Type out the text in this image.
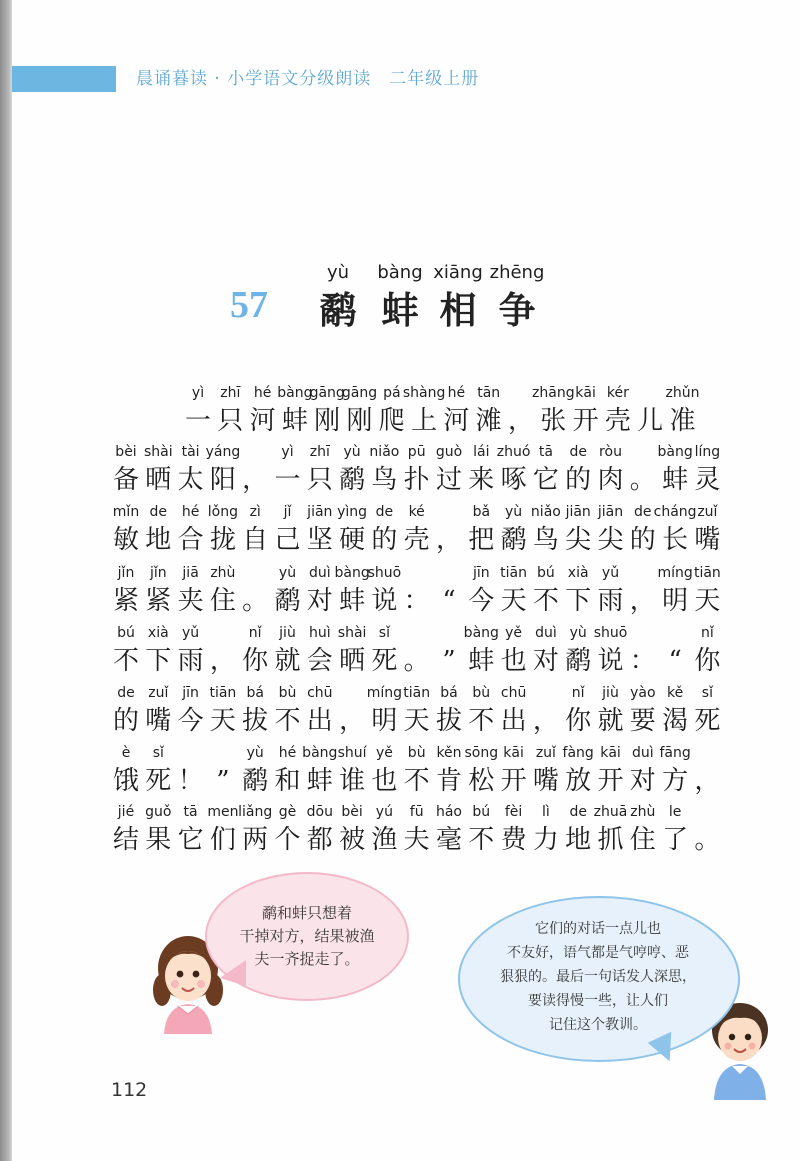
晨诵暮读 · 小学语文分级朗读　二年级上册
yù bàng xiāng zhēng
57 鹬 蚌 相 争
yì zhī hé bàng
gāng
gāng pá shàng hé tān zhāng kāi kér	zhǔn
一 只 河 蚌 刚 刚 爬 上 河 滩 ， 张 开 壳 儿 准
bèi shài tài yáng	yì zhī yù niǎo pū guò lái zhuó tā de ròu	bàng líng
备 晒 太 阳 ， 一 只 鹬 鸟 扑 过 来 啄 它 的 肉 。 蚌 灵
mǐn de hé lǒng zì jǐ jiān yìng de ké	bǎ yù niǎo jiān jiān de cháng zuǐ
敏 地 合 拢 自 己 坚 硬 的 壳 ， 把 鹬 鸟 尖 尖 的 长 嘴
jǐn jǐn jiā zhù	yù duì bàng
shuō	jīn tiān bú xià yǔ	míng tiān
紧 紧 夹 住 。 鹬 对 蚌 说 ： “ 今 天 不 下 雨 ， 明 天
bú xià yǔ	nǐ jiù huì shài sǐ	bàng yě duì yù shuō	nǐ
不 下 雨 ， 你 就 会 晒 死 。 ” 蚌 也 对 鹬 说 ： “ 你
de zuǐ jīn tiān bá bù chū míng tiān bá bù chū	nǐ jiù yào kě sǐ
的 嘴 今 天 拔 不 出 ， 明 天 拔 不 出 ， 你 就 要 渴 死
è sǐ	yù hé bàng shuí yě bù kěn sōng kāi zuǐ fàng kāi duì fāng
饿 死 ！ ” 鹬 和 蚌 谁 也 不 肯 松 开 嘴 放 开 对 方 ，
jié guǒ tā men liǎng gè dōu bèi yú fū háo bú fèi lì de zhuā zhù le
结 果 它 们 两 个 都 被 渔 夫 毫 不 费 力 地 抓 住 了 。
鹬和蚌只想着
干掉对方，结果被渔
夫一齐捉走了。
它们的对话一点儿也
不友好，语气都是气哼哼、恶
狠狠的。最后一句话发人深思，
要读得慢一些，让人们
记住这个教训。
112
